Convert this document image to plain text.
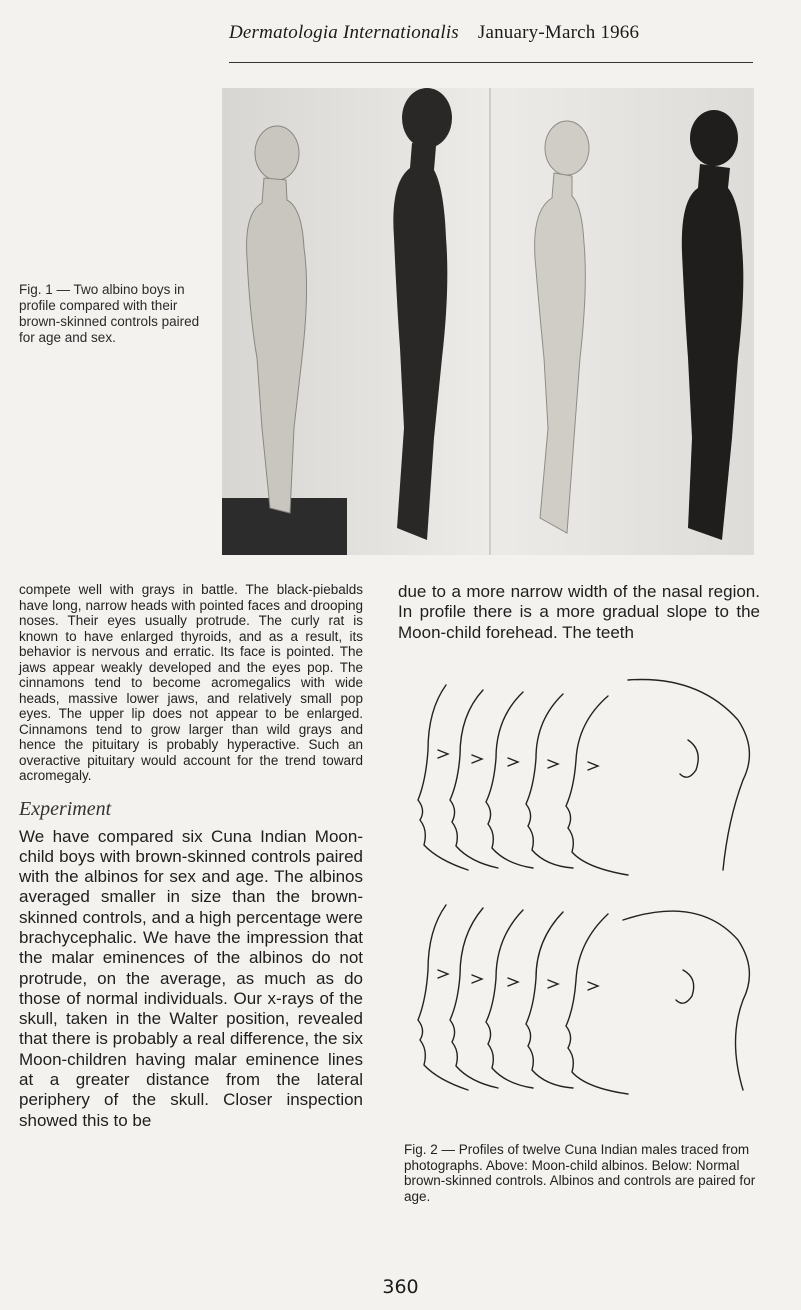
Dermatologia Internationalis January-March 1966
Fig. 1 — Two albino boys in profile compared with their brown-skinned controls paired for age and sex.

compete well with grays in battle. The black-piebalds have long, narrow heads with pointed faces and drooping noses. Their eyes usually protrude. The curly rat is known to have enlarged thyroids, and as a result, its behavior is nervous and erratic. Its face is pointed. The jaws appear weakly developed and the eyes pop. The cinnamons tend to become acromegalics with wide heads, massive lower jaws, and relatively small pop eyes. The upper lip does not appear to be enlarged. Cinnamons tend to grow larger than wild grays and hence the pituitary is probably hyperactive. Such an overactive pituitary would account for the trend toward acromegaly.

Experiment

We have compared six Cuna Indian Moon-child boys with brown-skinned controls paired with the albinos for sex and age. The albinos averaged smaller in size than the brown-skinned controls, and a high percentage were brachycephalic. We have the impression that the malar eminences of the albinos do not protrude, on the average, as much as do those of normal individuals. Our x-rays of the skull, taken in the Walter position, revealed that there is probably a real difference, the six Moon-children having malar eminence lines at a greater distance from the lateral periphery of the skull. Closer inspection showed this to be

due to a more narrow width of the nasal region. In profile there is a more gradual slope to the Moon-child forehead. The teeth

Fig. 2 — Profiles of twelve Cuna Indian males traced from photographs. Above: Moon-child albinos. Below: Normal brown-skinned controls. Albinos and controls are paired for age.
360
